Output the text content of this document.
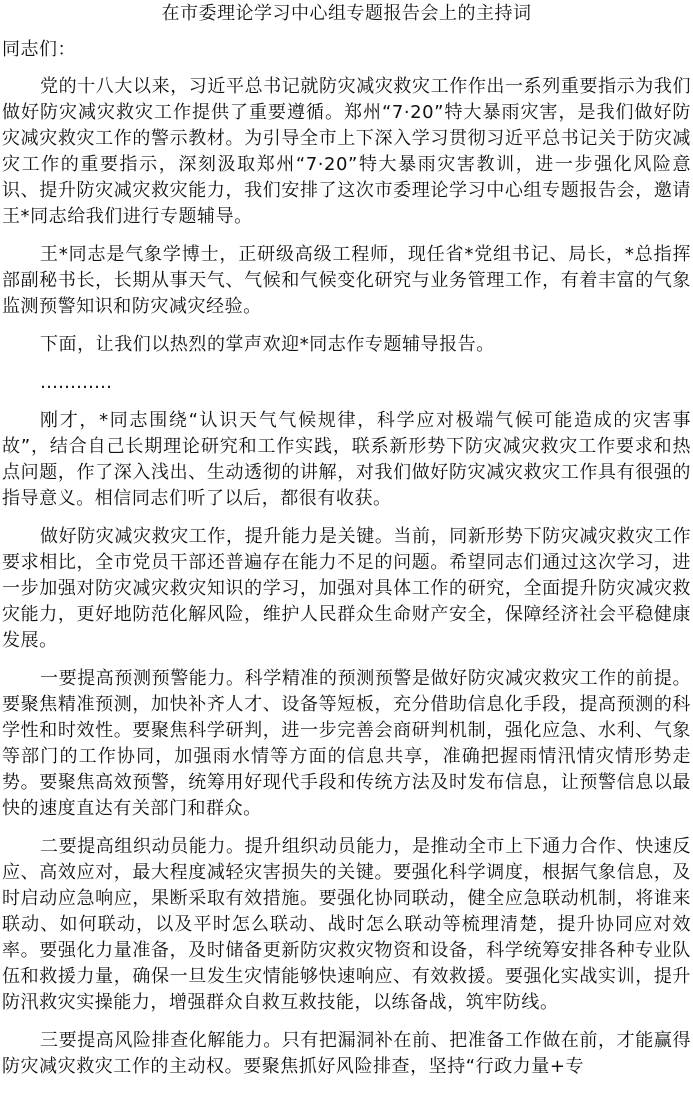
在市委理论学习中心组专题报告会上的主持词
同志们：

党的十八大以来，习近平总书记就防灾减灾救灾工作作出一系列重要指示为我们做好防灾减灾救灾工作提供了重要遵循。郑州“7·20”特大暴雨灾害，是我们做好防灾减灾救灾工作的警示教材。为引导全市上下深入学习贯彻习近平总书记关于防灾减灾工作的重要指示，深刻汲取郑州“7·20”特大暴雨灾害教训，进一步强化风险意识、提升防灾减灾救灾能力，我们安排了这次市委理论学习中心组专题报告会，邀请王*同志给我们进行专题辅导。

王*同志是气象学博士，正研级高级工程师，现任省*党组书记、局长，*总指挥部副秘书长，长期从事天气、气候和气候变化研究与业务管理工作，有着丰富的气象监测预警知识和防灾减灾经验。

下面，让我们以热烈的掌声欢迎*同志作专题辅导报告。

…………

刚才，*同志围绕“认识天气气候规律，科学应对极端气候可能造成的灾害事故”，结合自己长期理论研究和工作实践，联系新形势下防灾减灾救灾工作要求和热点问题，作了深入浅出、生动透彻的讲解，对我们做好防灾减灾救灾工作具有很强的指导意义。相信同志们听了以后，都很有收获。

做好防灾减灾救灾工作，提升能力是关键。当前，同新形势下防灾减灾救灾工作要求相比，全市党员干部还普遍存在能力不足的问题。希望同志们通过这次学习，进一步加强对防灾减灾救灾知识的学习，加强对具体工作的研究，全面提升防灾减灾救灾能力，更好地防范化解风险，维护人民群众生命财产安全，保障经济社会平稳健康发展。

一要提高预测预警能力。科学精准的预测预警是做好防灾减灾救灾工作的前提。要聚焦精准预测，加快补齐人才、设备等短板，充分借助信息化手段，提高预测的科学性和时效性。要聚焦科学研判，进一步完善会商研判机制，强化应急、水利、气象等部门的工作协同，加强雨水情等方面的信息共享，准确把握雨情汛情灾情形势走势。要聚焦高效预警，统筹用好现代手段和传统方法及时发布信息，让预警信息以最快的速度直达有关部门和群众。

二要提高组织动员能力。提升组织动员能力，是推动全市上下通力合作、快速反应、高效应对，最大程度减轻灾害损失的关键。要强化科学调度，根据气象信息，及时启动应急响应，果断采取有效措施。要强化协同联动，健全应急联动机制，将谁来联动、如何联动，以及平时怎么联动、战时怎么联动等梳理清楚，提升协同应对效率。要强化力量准备，及时储备更新防灾救灾物资和设备，科学统筹安排各种专业队伍和救援力量，确保一旦发生灾情能够快速响应、有效救援。要强化实战实训，提升防汛救灾实操能力，增强群众自救互救技能，以练备战，筑牢防线。

三要提高风险排查化解能力。只有把漏洞补在前、把准备工作做在前，才能赢得防灾减灾救灾工作的主动权。要聚焦抓好风险排查，坚持“行政力量+专
